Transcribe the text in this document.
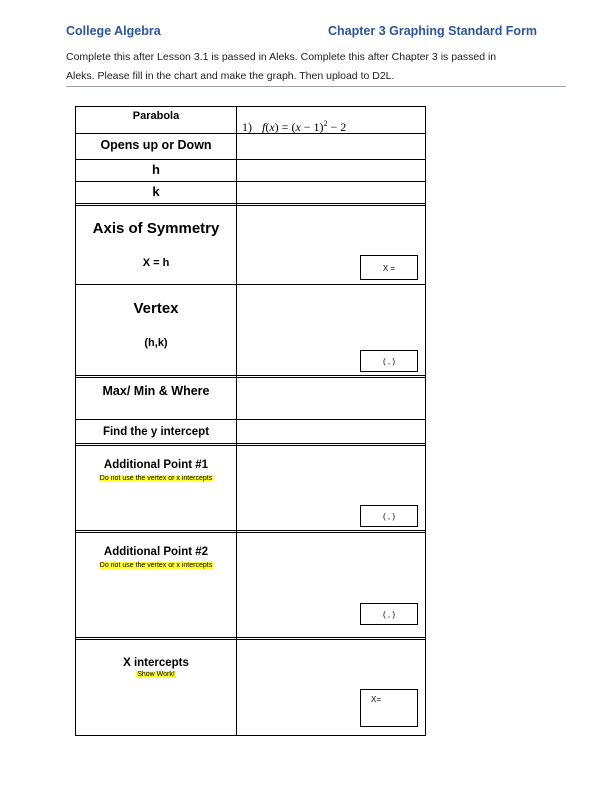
College Algebra	Chapter 3 Graphing Standard Form
Complete this after Lesson 3.1 is passed in Aleks. Complete this after Chapter 3 is passed in
Aleks. Please fill in the chart and make the graph. Then upload to D2L.
Parabola
1) $f(x) = (x - 1)^2 - 2$
Opens up or Down
h
k
Axis of Symmetry
X = h	X =
Vertex
(h,k)
( , )
Max/ Min & Where
Find the y intercept
Additional Point #1
Do not use the vertex or x intercepts
( , )
Additional Point #2
Do not use the vertex or x intercepts
( , )
X intercepts
Show Work!
X=
